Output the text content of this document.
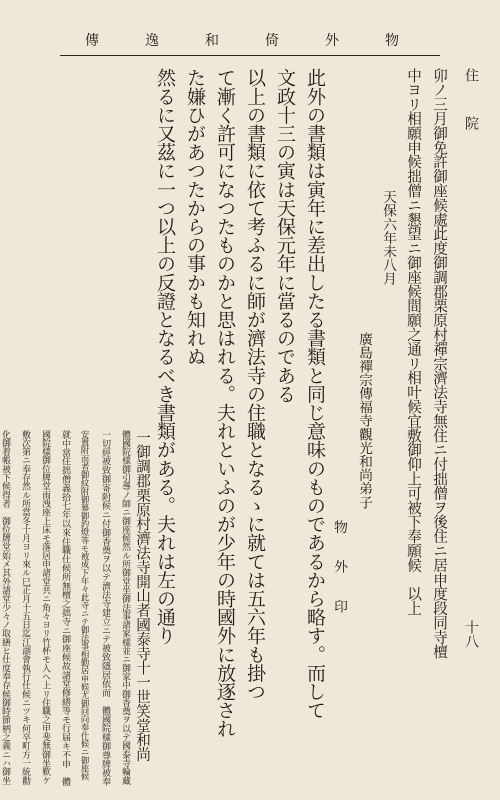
傳　逸　和　倚　外　物
住　院
十八
卯ノ三月御免許御座候處此度御調郡栗原村禪宗濟法寺無住ニ付拙僧ヲ後住ニ居申度段同寺檀
中ヨリ相願申候拙僧ニ懇望ニ御座候間願之通リ相叶候宜敷御仰上可被下奉願候　以上
天保六年未八月
廣島禪宗傳福寺觀光和尚弟子
物　外　印
此外の書類は寅年に差出したる書類と同じ意味のものであるから略す。而して
文政十三の寅は天保元年に當るのである
以上の書類に依て考ふるに師が濟法寺の住職となるゝに就ては五六年も掛つ
て漸く許可になつたものかと思はれる。夫れといふのが少年の時國外に放逐され
た嫌ひがあつたからの事かも知れぬ
然るに又茲に一つ以上の反證となるべき書類がある。夫れは左の通り
一御調郡栗原村濟法寺開山者國泰寺十一世笑堂和尚
體國院樣御引導ノ師ニ御座候然ル所御堂坐御法事諸家樣並ニ御家中御香奠ヲ以テ國泰寺輪藏
一切經被致御寄附候ニ付御香奠ヲ以テ濟法寺建立ニテ被致隱居依而　體國院樣御尊牌被奉
安置附而者御紋附御幕御釣燈等モ被成下年々此寺ニテ御法事相勤居申候尤御回向奉仕候ニ御座候
就中當住拙僧義拾七年以來住職仕候所無檀之拙寺ニ御座候故諸堂修繕等モ行届キ不申　體
國院樣御位牌堂雨洩座上床モ落居申諸堂共ニ角々ヨリ竹杯モ入ヘ上リ住職之甲斐無御坐歎ケ
敷次第ニ奉存然ル所當冬十月ヨリ來ル巳正月十五日迄江湖會執行仕候ニツキ何卒町方一統勸
化御着帳被下候得者　御位牌堂始メ其外諸堂少々ノ取繕ヒ仕度奉存候御時節柄之義ニハ御坐
